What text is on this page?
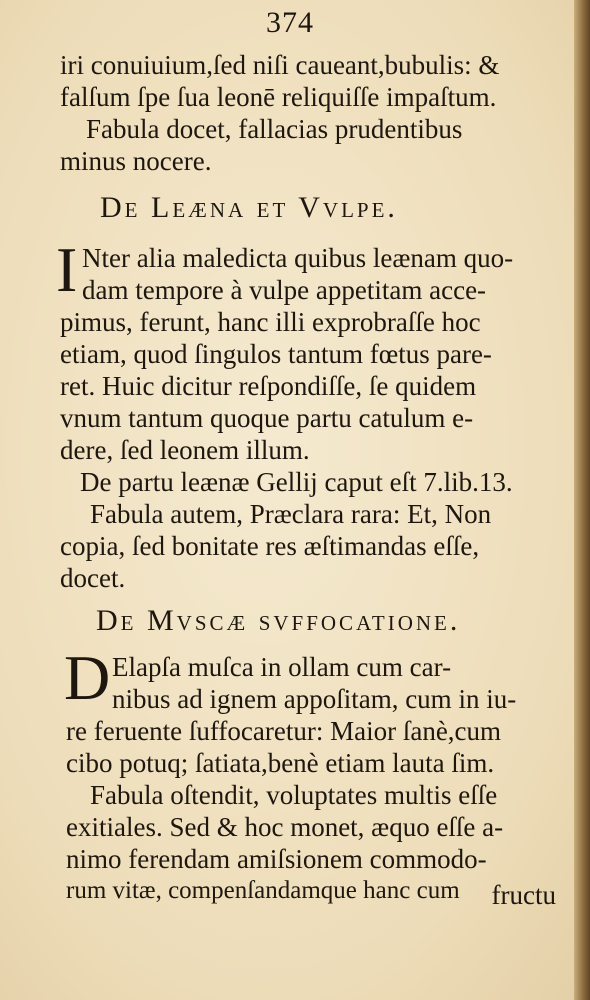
374
iri conuiuium,ſed niſi caueant,bubulis: &
falſum ſpe ſua leonē reliquiſſe impaſtum.
Fabula docet, fallacias prudentibus
minus nocere.
De Leæna et Vvlpe.
I Nter alia maledicta quibus leænam quo-
dam tempore à vulpe appetitam acce-
pimus, ferunt, hanc illi exprobraſſe hoc
etiam, quod ſingulos tantum fœtus pare-
ret. Huic dicitur reſpondiſſe, ſe quidem
vnum tantum quoque partu catulum e-
dere, ſed leonem illum.
De partu leænæ Gellij caput eſt 7.lib.13.
Fabula autem, Præclara rara: Et, Non
copia, ſed bonitate res æſtimandas eſſe,
docet.
De Mvscæ svffocatione.
D Elapſa muſca in ollam cum car-
nibus ad ignem appoſitam, cum in iu-
re feruente ſuffocaretur: Maior ſanè,cum
cibo potuq; ſatiata,benè etiam lauta ſim.
Fabula oſtendit, voluptates multis eſſe
exitiales. Sed & hoc monet, æquo eſſe a-
nimo ferendam amiſsionem commodo-
rum vitæ, compenſandamque hanc cum fructu
